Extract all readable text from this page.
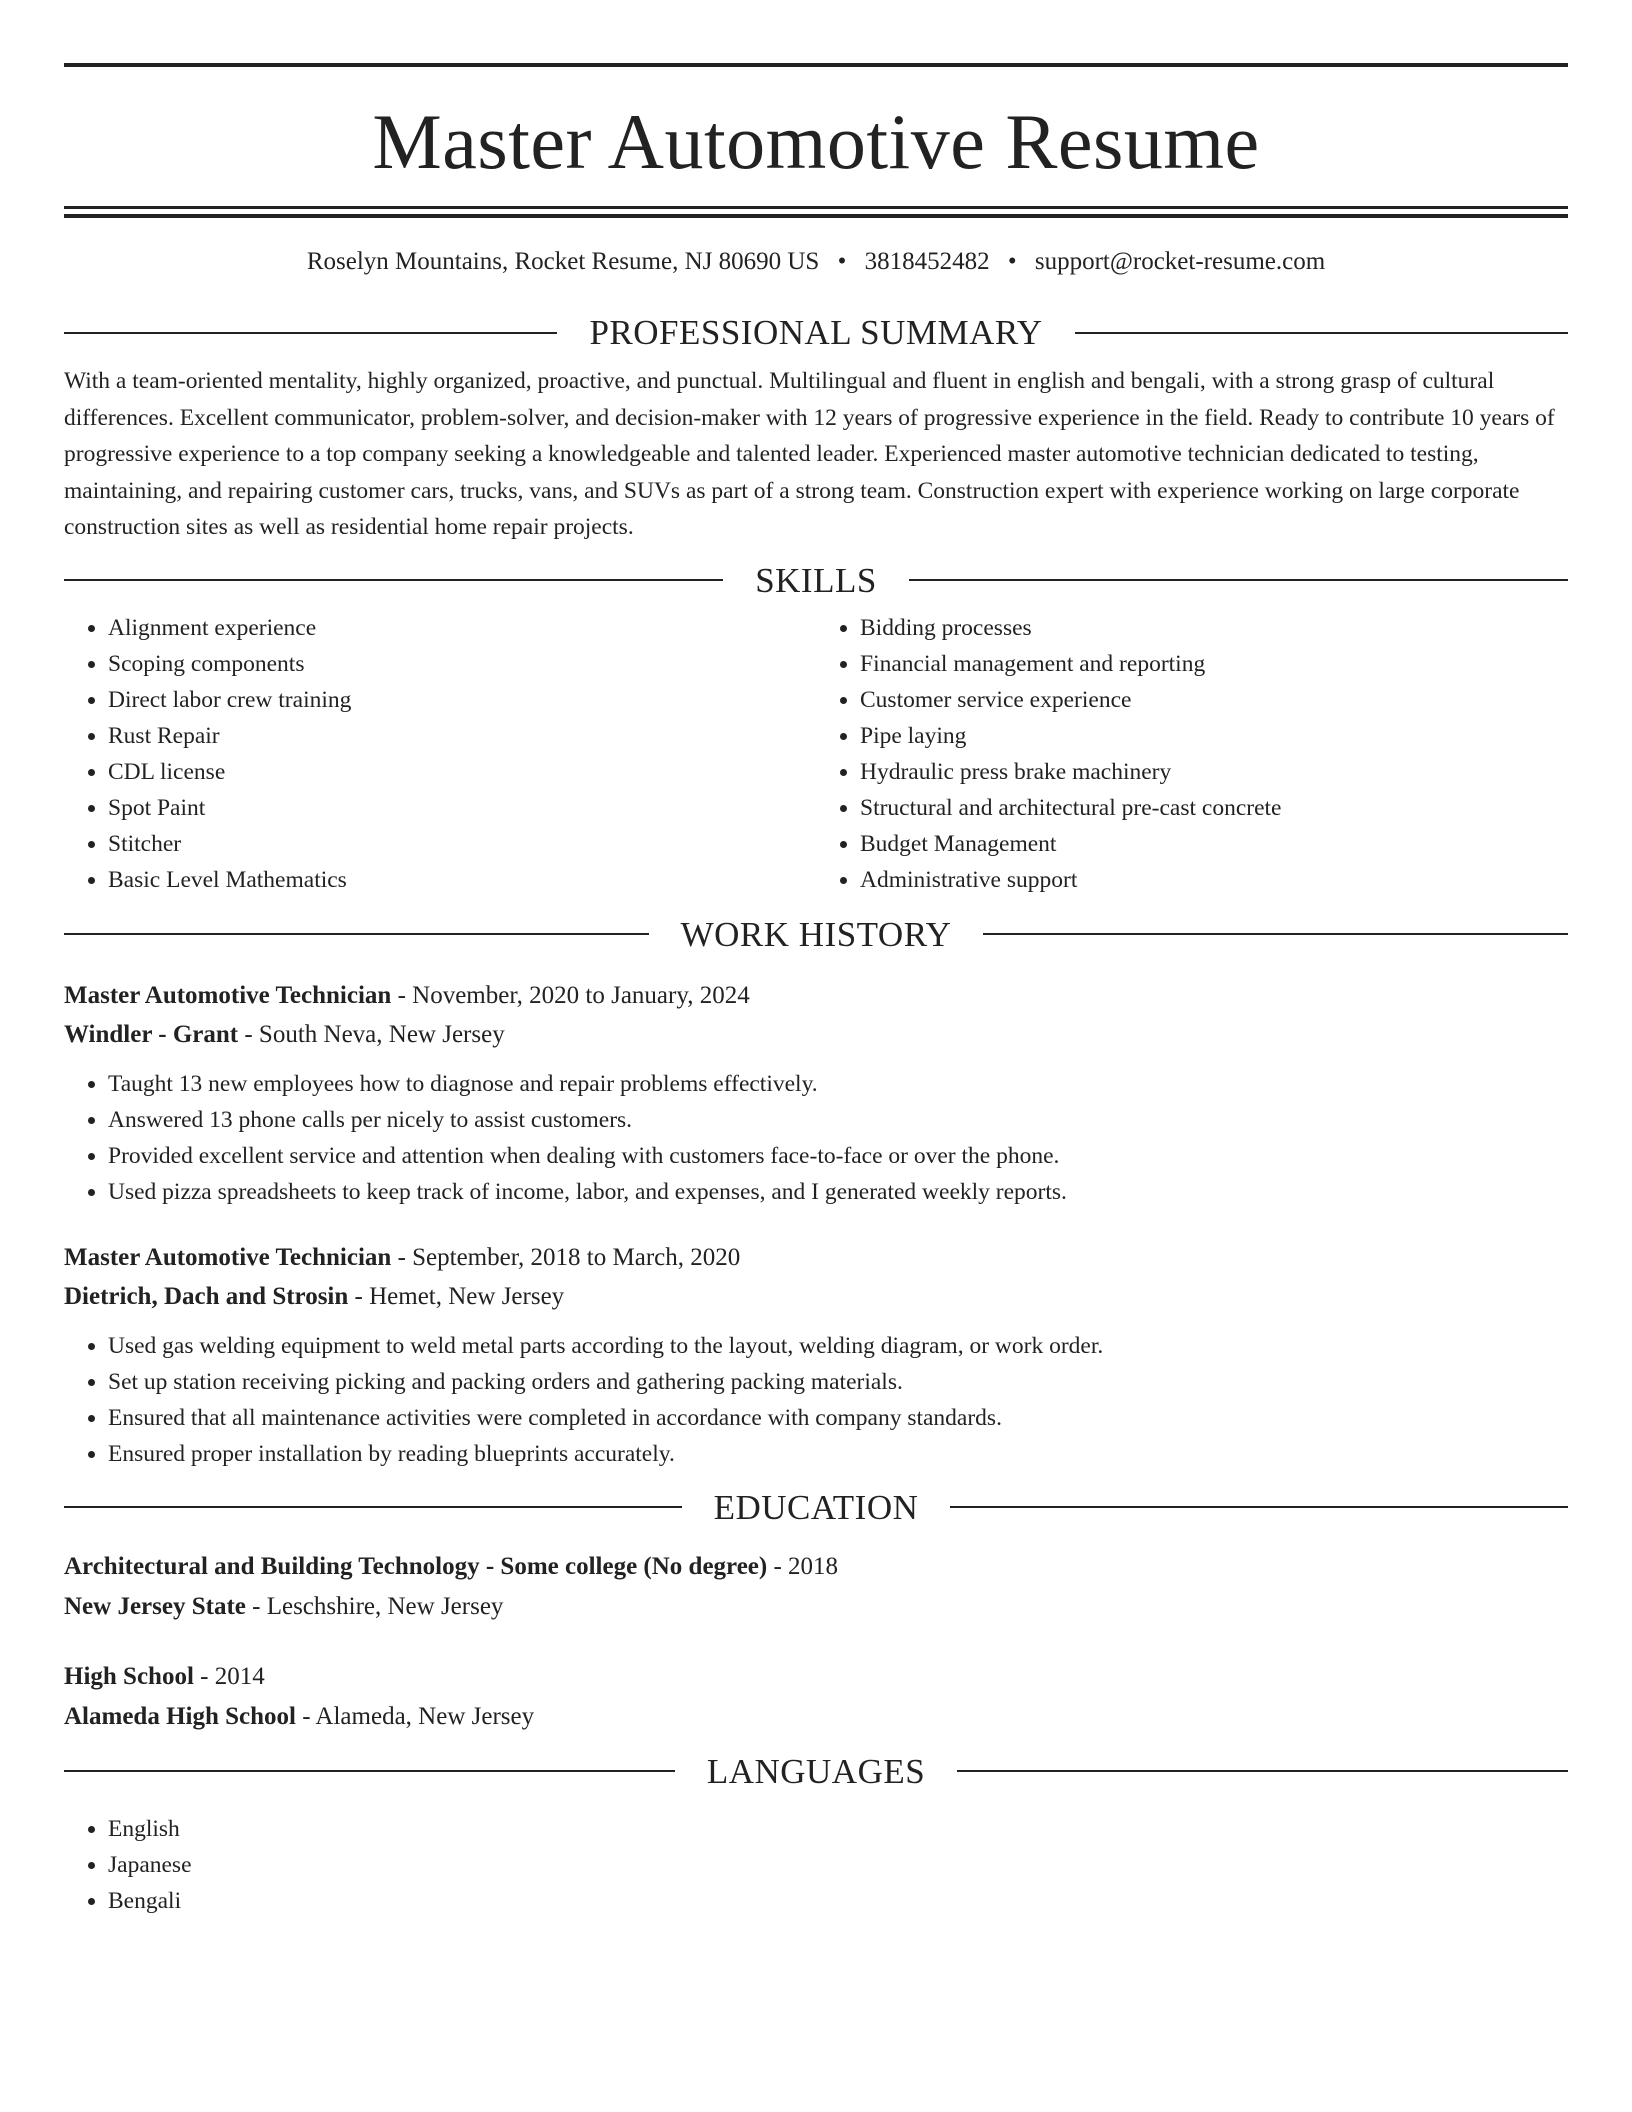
Master Automotive Resume
Roselyn Mountains, Rocket Resume, NJ 80690 US • 3818452482 • support@rocket-resume.com
PROFESSIONAL SUMMARY
With a team-oriented mentality, highly organized, proactive, and punctual. Multilingual and fluent in english and bengali, with a strong grasp of cultural differences. Excellent communicator, problem-solver, and decision-maker with 12 years of progressive experience in the field. Ready to contribute 10 years of progressive experience to a top company seeking a knowledgeable and talented leader. Experienced master automotive technician dedicated to testing, maintaining, and repairing customer cars, trucks, vans, and SUVs as part of a strong team. Construction expert with experience working on large corporate construction sites as well as residential home repair projects.
SKILLS
• Alignment experience
• Scoping components
• Direct labor crew training
• Rust Repair
• CDL license
• Spot Paint
• Stitcher
• Basic Level Mathematics
• Bidding processes
• Financial management and reporting
• Customer service experience
• Pipe laying
• Hydraulic press brake machinery
• Structural and architectural pre-cast concrete
• Budget Management
• Administrative support
WORK HISTORY
Master Automotive Technician - November, 2020 to January, 2024
Windler - Grant - South Neva, New Jersey
• Taught 13 new employees how to diagnose and repair problems effectively.
• Answered 13 phone calls per nicely to assist customers.
• Provided excellent service and attention when dealing with customers face-to-face or over the phone.
• Used pizza spreadsheets to keep track of income, labor, and expenses, and I generated weekly reports.
Master Automotive Technician - September, 2018 to March, 2020
Dietrich, Dach and Strosin - Hemet, New Jersey
• Used gas welding equipment to weld metal parts according to the layout, welding diagram, or work order.
• Set up station receiving picking and packing orders and gathering packing materials.
• Ensured that all maintenance activities were completed in accordance with company standards.
• Ensured proper installation by reading blueprints accurately.
EDUCATION
Architectural and Building Technology - Some college (No degree) - 2018
New Jersey State - Leschshire, New Jersey
High School - 2014
Alameda High School - Alameda, New Jersey
LANGUAGES
• English
• Japanese
• Bengali
